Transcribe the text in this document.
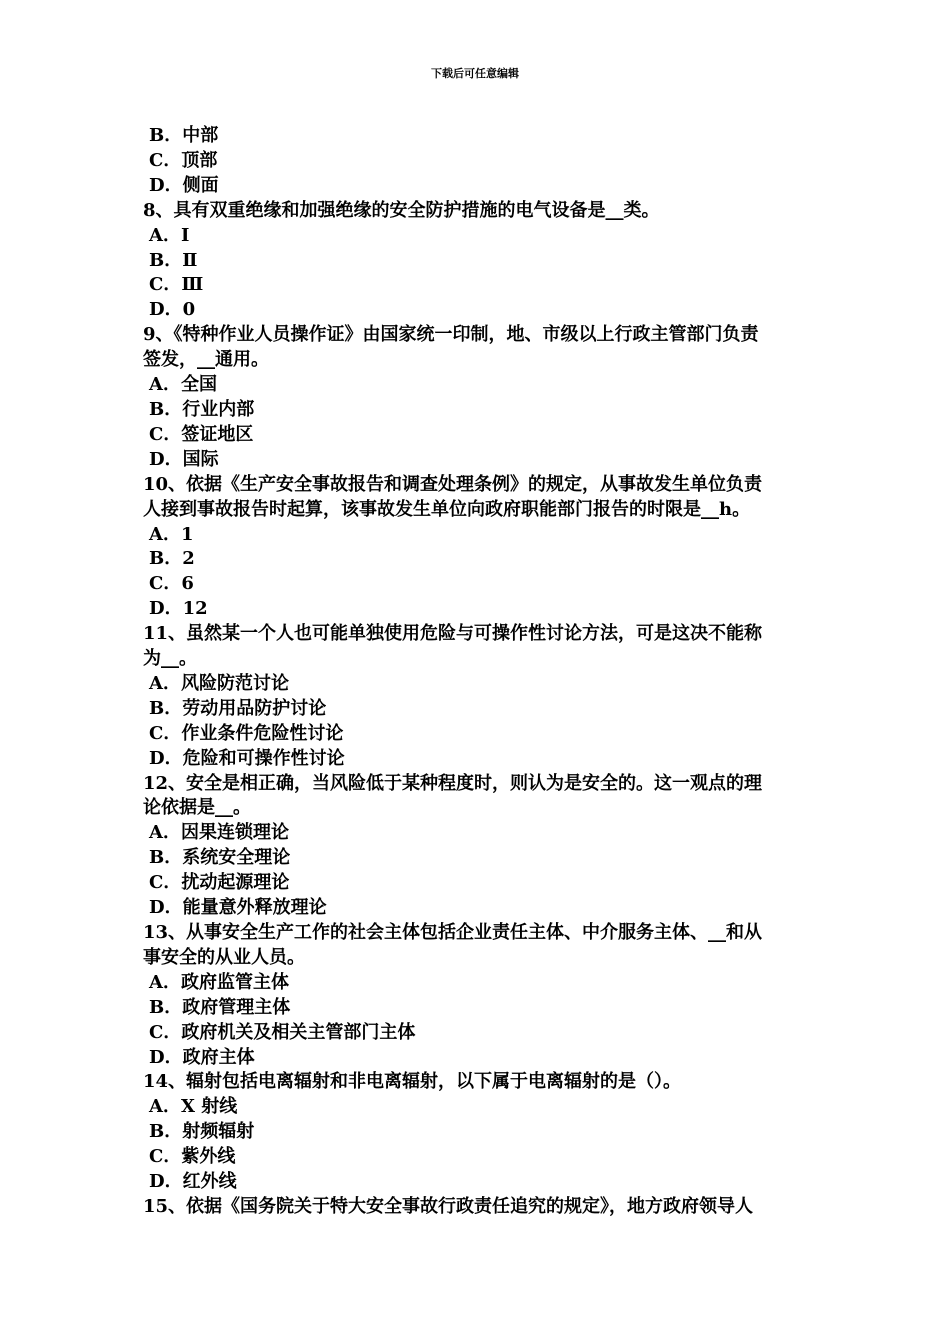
下载后可任意编辑
B．中部
C．顶部
D．侧面
8、具有双重绝缘和加强绝缘的安全防护措施的电气设备是__类。
A．Ⅰ
B．Ⅱ
C．Ⅲ
D．0
9、《特种作业人员操作证》由国家统一印制，地、市级以上行政主管部门负责
签发，__通用。
A．全国
B．行业内部
C．签证地区
D．国际
10、依据《生产安全事故报告和调查处理条例》的规定，从事故发生单位负责
人接到事故报告时起算，该事故发生单位向政府职能部门报告的时限是__h。
A．1
B．2
C．6
D．12
11、虽然某一个人也可能单独使用危险与可操作性讨论方法，可是这决不能称
为__。
A．风险防范讨论
B．劳动用品防护讨论
C．作业条件危险性讨论
D．危险和可操作性讨论
12、安全是相正确，当风险低于某种程度时，则认为是安全的。这一观点的理
论依据是__。
A．因果连锁理论
B．系统安全理论
C．扰动起源理论
D．能量意外释放理论
13、从事安全生产工作的社会主体包括企业责任主体、中介服务主体、__和从
事安全的从业人员。
A．政府监管主体
B．政府管理主体
C．政府机关及相关主管部门主体
D．政府主体
14、辐射包括电离辐射和非电离辐射，以下属于电离辐射的是（）。
A．X 射线
B．射频辐射
C．紫外线
D．红外线
15、依据《国务院关于特大安全事故行政责任追究的规定》，地方政府领导人
